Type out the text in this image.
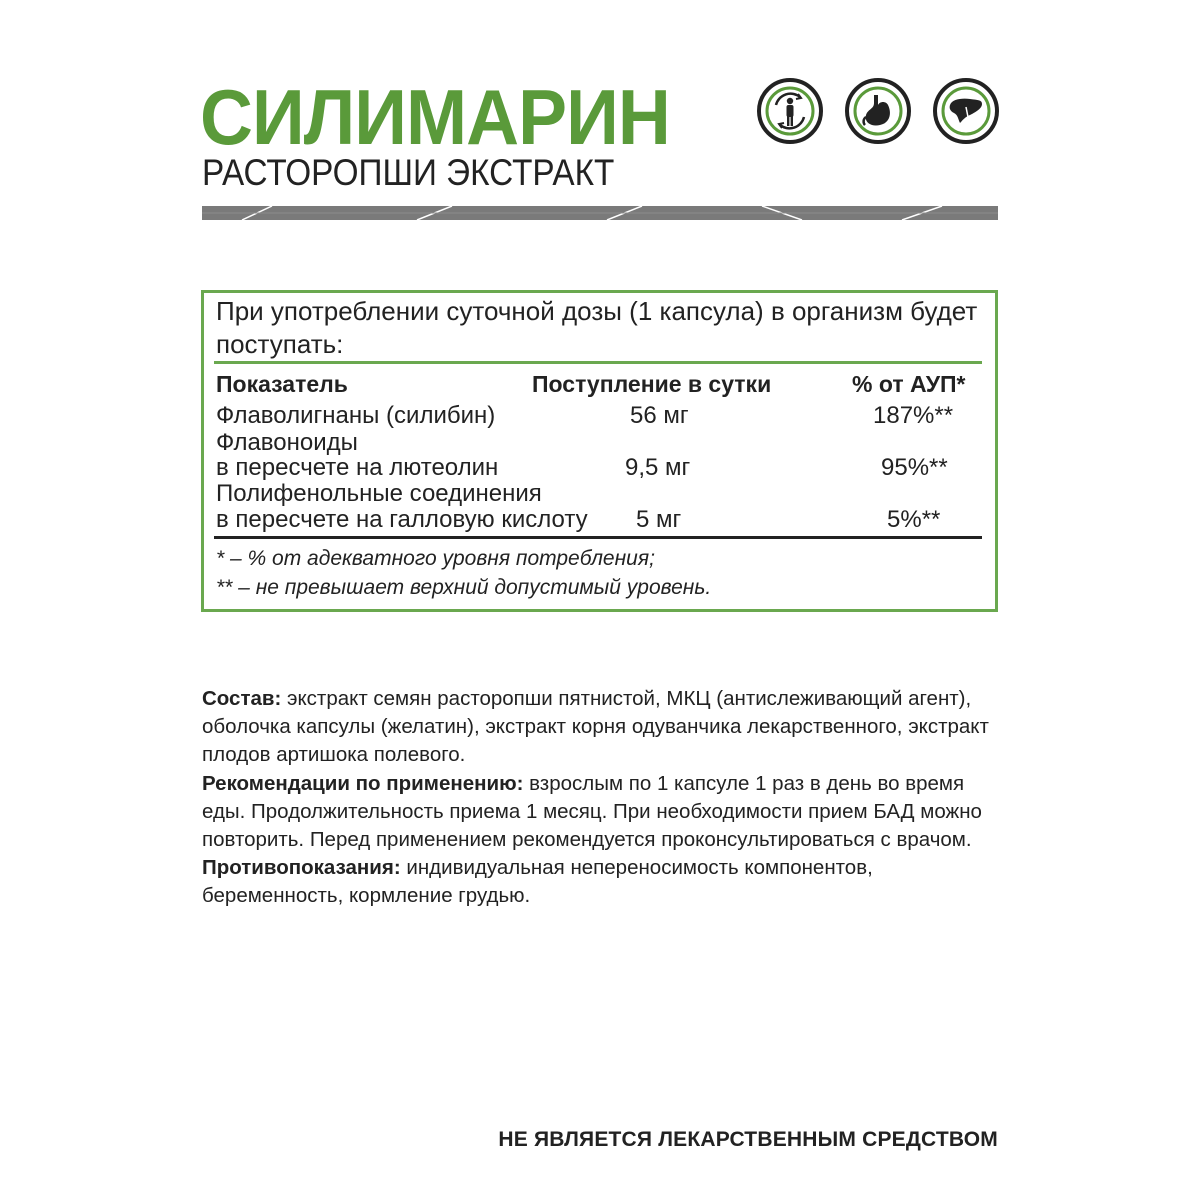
СИЛИМАРИН
РАСТОРОПШИ ЭКСТРАКТ

При употреблении суточной дозы (1 капсула) в организм будет поступать:

Показатель	Поступление в сутки	% от АУП*
Флаволигнаны (силибин)	56 мг	187%**
Флавоноиды
в пересчете на лютеолин	9,5 мг	95%**
Полифенольные соединения
в пересчете на галловую кислоту 5 мг	5%**
* – % от адекватного уровня потребления;
** – не превышает верхний допустимый уровень.

Состав: экстракт семян расторопши пятнистой, МКЦ (антислеживающий агент), оболочка капсулы (желатин), экстракт корня одуванчика лекарственного, экстракт плодов артишока полевого.

Рекомендации по применению: взрослым по 1 капсуле 1 раз в день во время еды. Продолжительность приема 1 месяц. При необходимости прием БАД можно повторить. Перед применением рекомендуется проконсультироваться с врачом.

Противопоказания: индивидуальная непереносимость компонентов, беременность, кормление грудью.

НЕ ЯВЛЯЕТСЯ ЛЕКАРСТВЕННЫМ СРЕДСТВОМ
